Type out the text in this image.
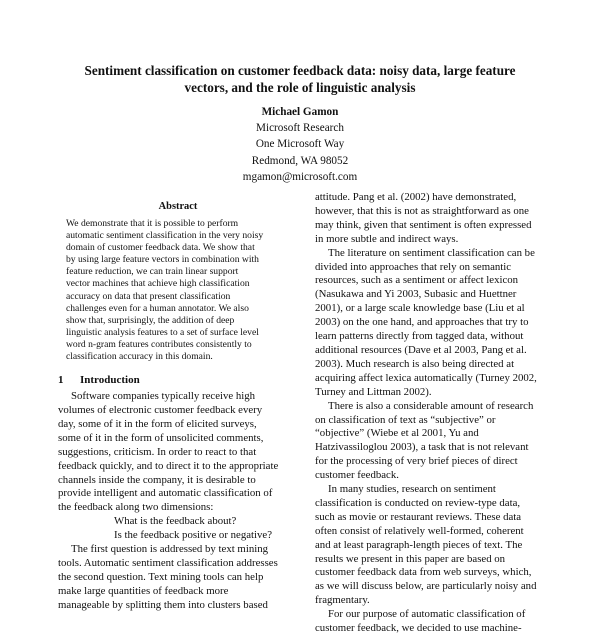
Sentiment classification on customer feedback data: noisy data, large feature
vectors, and the role of linguistic analysis
Michael Gamon
Microsoft Research
One Microsoft Way
Redmond, WA 98052
mgamon@microsoft.com
Abstract
We demonstrate that it is possible to perform
automatic sentiment classification in the very noisy
domain of customer feedback data. We show that
by using large feature vectors in combination with
feature reduction, we can train linear support
vector machines that achieve high classification
accuracy on data that present classification
challenges even for a human annotator. We also
show that, surprisingly, the addition of deep
linguistic analysis features to a set of surface level
word n-gram features contributes consistently to
classification accuracy in this domain.
1 Introduction
Software companies typically receive high
volumes of electronic customer feedback every
day, some of it in the form of elicited surveys,
some of it in the form of unsolicited comments,
suggestions, criticism. In order to react to that
feedback quickly, and to direct it to the appropriate
channels inside the company, it is desirable to
provide intelligent and automatic classification of
the feedback along two dimensions:
What is the feedback about?
Is the feedback positive or negative?
The first question is addressed by text mining
tools. Automatic sentiment classification addresses
the second question. Text mining tools can help
make large quantities of feedback more
manageable by splitting them into clusters based
attitude. Pang et al. (2002) have demonstrated,
however, that this is not as straightforward as one
may think, given that sentiment is often expressed
in more subtle and indirect ways.
The literature on sentiment classification can be
divided into approaches that rely on semantic
resources, such as a sentiment or affect lexicon
(Nasukawa and Yi 2003, Subasic and Huettner
2001), or a large scale knowledge base (Liu et al
2003) on the one hand, and approaches that try to
learn patterns directly from tagged data, without
additional resources (Dave et al 2003, Pang et al.
2003). Much research is also being directed at
acquiring affect lexica automatically (Turney 2002,
Turney and Littman 2002).
There is also a considerable amount of research
on classification of text as “subjective” or
“objective” (Wiebe et al 2001, Yu and
Hatzivassiloglou 2003), a task that is not relevant
for the processing of very brief pieces of direct
customer feedback.
In many studies, research on sentiment
classification is conducted on review-type data,
such as movie or restaurant reviews. These data
often consist of relatively well-formed, coherent
and at least paragraph-length pieces of text. The
results we present in this paper are based on
customer feedback data from web surveys, which,
as we will discuss below, are particularly noisy and
fragmentary.
For our purpose of automatic classification of
customer feedback, we decided to use machine-
